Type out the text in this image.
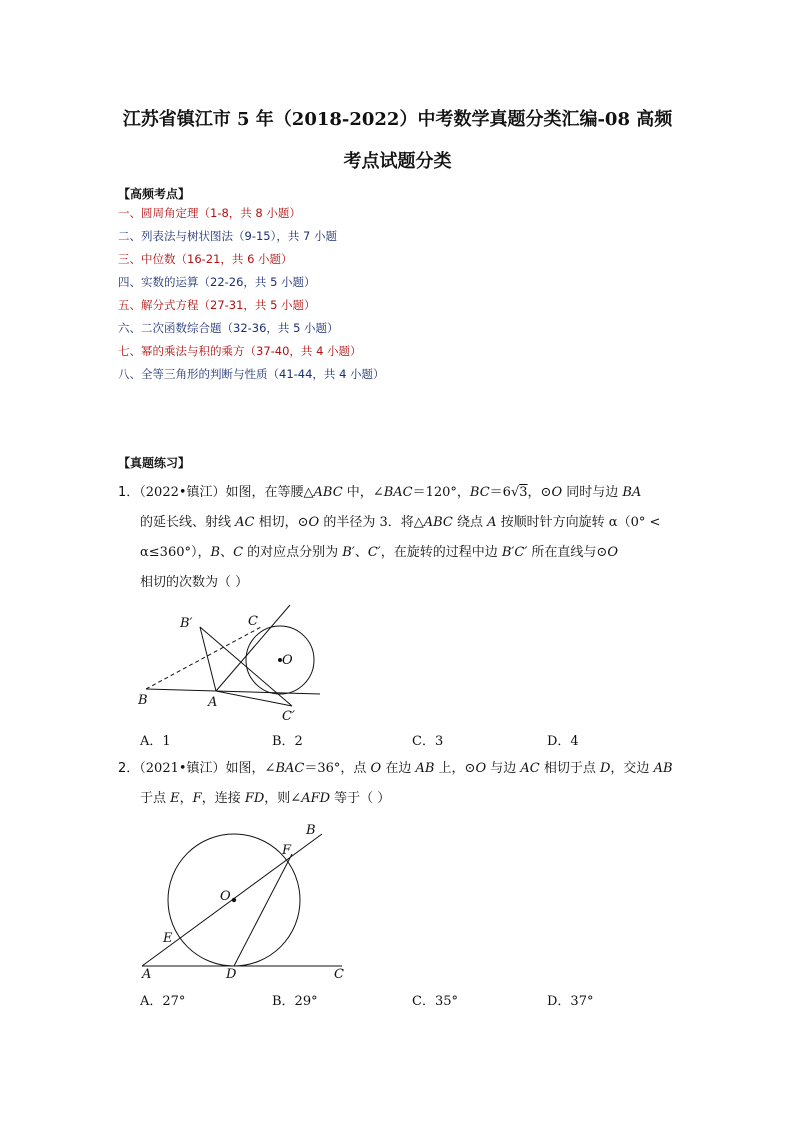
江苏省镇江市 5 年（2018-2022）中考数学真题分类汇编-08 高频
考点试题分类
【高频考点】
一、圆周角定理（1-8，共 8 小题）
二、列表法与树状图法（9-15），共 7 小题
三、中位数（16-21，共 6 小题）
四、实数的运算（22-26，共 5 小题）
五、解分式方程（27-31，共 5 小题）
六、二次函数综合题（32-36，共 5 小题）
七、幂的乘法与积的乘方（37-40，共 4 小题）
八、全等三角形的判断与性质（41-44，共 4 小题）
【真题练习】
1．（2022•镇江）如图，在等腰△ABC 中，∠BAC＝120°，BC＝6√3，⊙O 同时与边 BA
的延长线、射线 AC 相切，⊙O 的半径为 3．将△ABC 绕点 A 按顺时针方向旋转 α（0° <
α≤360°），B、C 的对应点分别为 B′、C′，在旋转的过程中边 B′C′ 所在直线与⊙O
相切的次数为（ ）
B′	C
O
B	A
C′
A．1	B．2	C．3	D．4
2．（2021•镇江）如图，∠BAC＝36°，点 O 在边 AB 上，⊙O 与边 AC 相切于点 D，交边 AB
于点 E，F，连接 FD，则∠AFD 等于（ ）
B
F
O
E
A	D	C
A．27°	B．29°	C．35°	D．37°
